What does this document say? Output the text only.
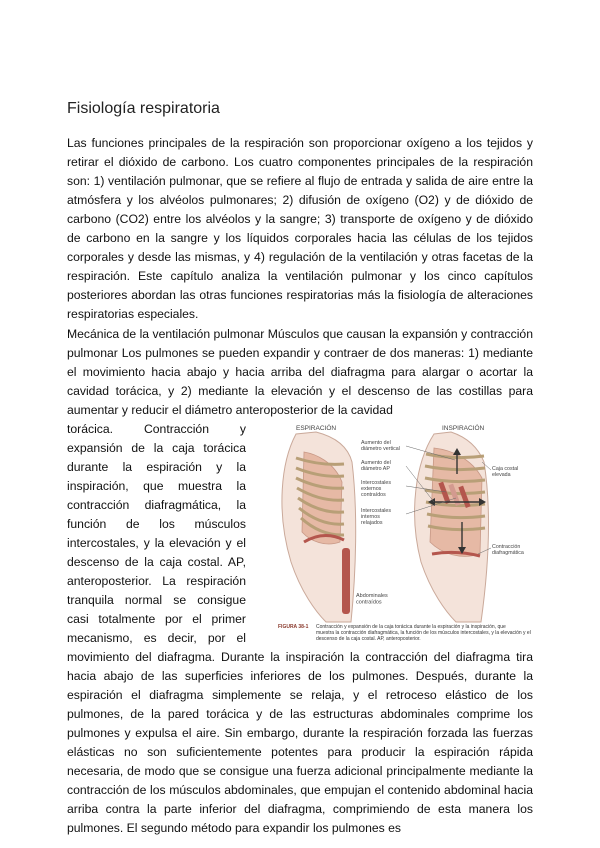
Fisiología respiratoria

Las funciones principales de la respiración son proporcionar oxígeno a los tejidos y retirar el dióxido de carbono. Los cuatro componentes principales de la respiración son: 1) ventilación pulmonar, que se refiere al flujo de entrada y salida de aire entre la atmósfera y los alvéolos pulmonares; 2) difusión de oxígeno (O2) y de dióxido de carbono (CO2) entre los alvéolos y la sangre; 3) transporte de oxígeno y de dióxido de carbono en la sangre y los líquidos corporales hacia las células de los tejidos corporales y desde las mismas, y 4) regulación de la ventilación y otras facetas de la respiración. Este capítulo analiza la ventilación pulmonar y los cinco capítulos posteriores abordan las otras funciones respiratorias más la fisiología de alteraciones respiratorias especiales.

Mecánica de la ventilación pulmonar Músculos que causan la expansión y contracción pulmonar Los pulmones se pueden expandir y contraer de dos maneras: 1) mediante el movimiento hacia abajo y hacia arriba del diafragma para alargar o acortar la cavidad torácica, y 2) mediante la elevación y el descenso de las costillas para aumentar y reducir el diámetro anteroposterior de la cavidad

ESPIRACIÓN
Abdominales contraídos
INSPIRACIÓN
Aumento del diámetro vertical
Aumento del diámetro AP
Intercostales externos contraídos
Intercostales internos relajados
Caja costal elevada
Contracción diafragmática
FIGURA 38-1 Contracción y expansión de la caja torácica durante la espiración y la inspiración, que
muestra la contracción diafragmática, la función de los músculos intercostales, y la elevación y el
descenso de la caja costal. AP, anteroposterior.

torácica. Contracción y expansión de la caja torácica durante la espiración y la inspiración, que muestra la contracción diafragmática, la función de los músculos intercostales, y la elevación y el descenso de la caja costal. AP, anteroposterior. La respiración tranquila normal se consigue casi totalmente por el primer mecanismo, es decir, por el movimiento del diafragma. Durante la inspiración la contracción del diafragma tira hacia abajo de las superficies inferiores de los pulmones. Después, durante la espiración el diafragma simplemente se relaja, y el retroceso elástico de los pulmones, de la pared torácica y de las estructuras abdominales comprime los pulmones y expulsa el aire. Sin embargo, durante la respiración forzada las fuerzas elásticas no son suficientemente potentes para producir la espiración rápida necesaria, de modo que se consigue una fuerza adicional principalmente mediante la contracción de los músculos abdominales, que empujan el contenido abdominal hacia arriba contra la parte inferior del diafragma, comprimiendo de esta manera los pulmones. El segundo método para expandir los pulmones es
